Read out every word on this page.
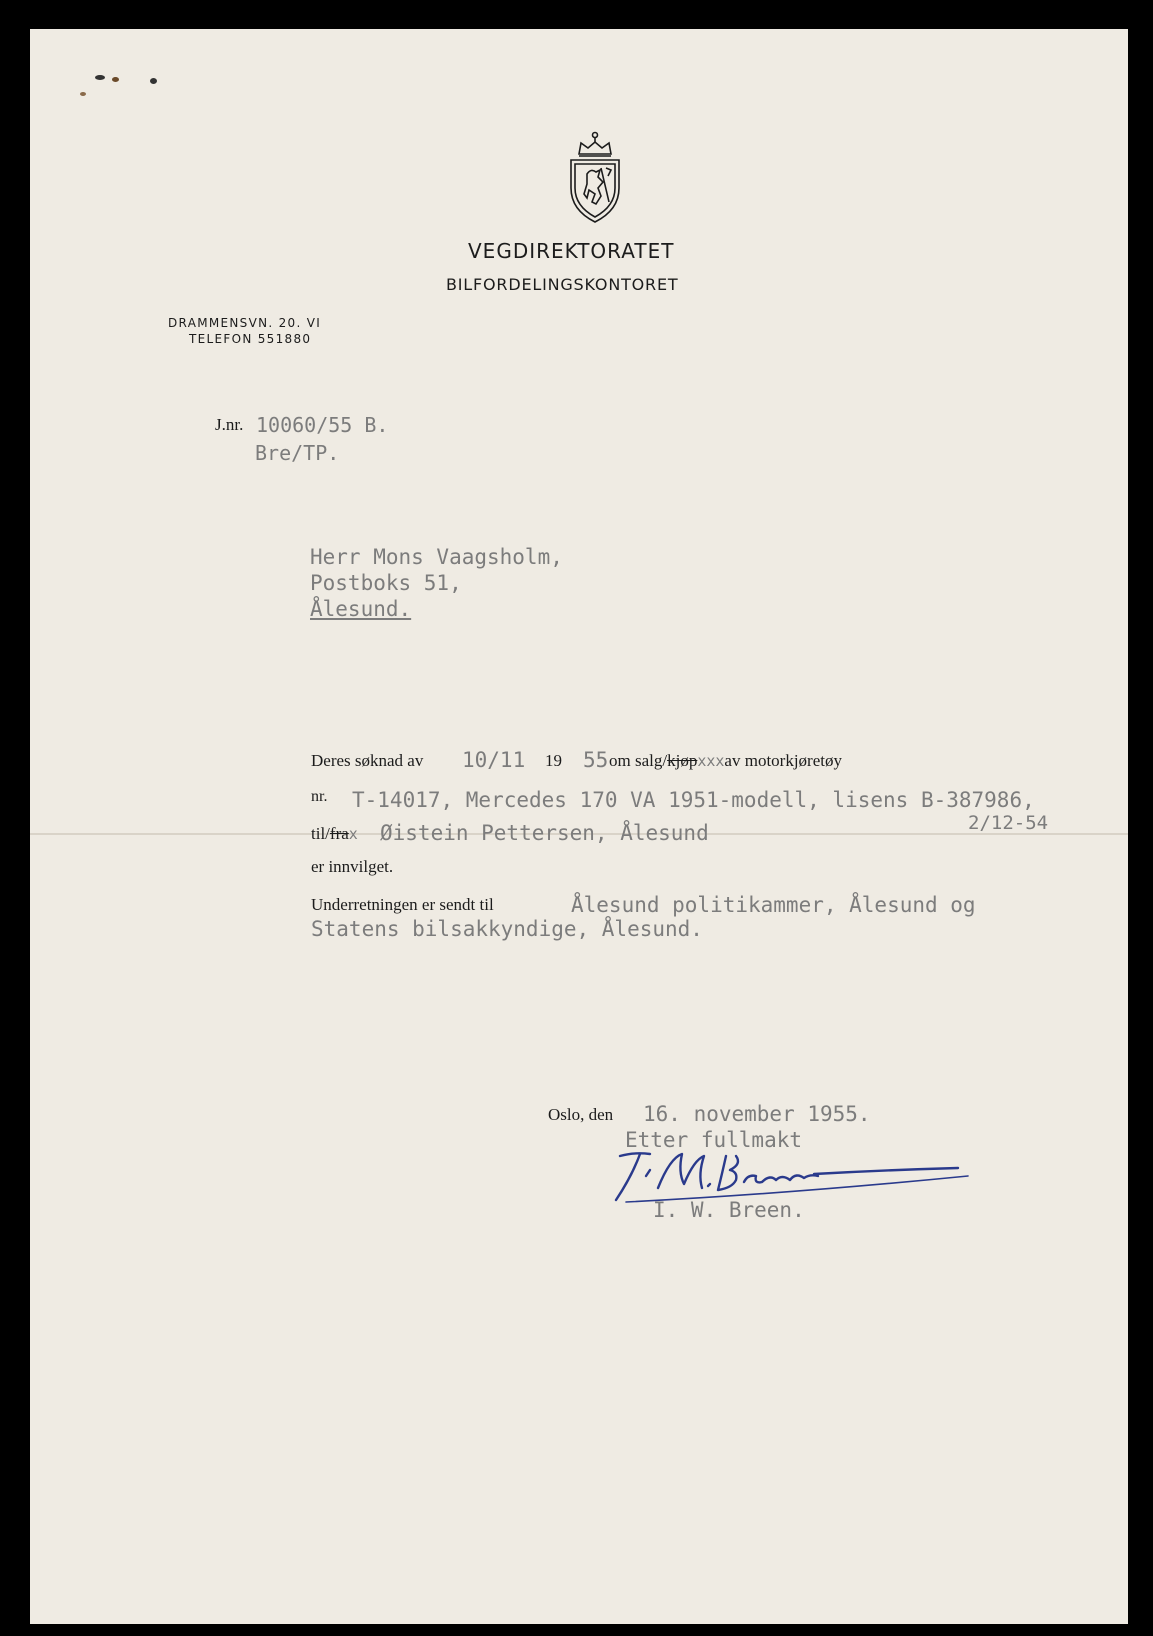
VEGDIREKTORATET
BILFORDELINGSKONTORET
DRAMMENSVN. 20. VI
TELEFON 551880
J.nr. 10060/55 B.
Bre/TP.
Herr Mons Vaagsholm,
Postboks 51,
Ålesund.
Deres søknad av 10/11 19 55 om salg/kjøpxxxav motorkjøretøy
nr. T-14017, Mercedes 170 VA 1951-modell, lisens B-387986,
2/12-54
til/frax Øistein Pettersen, Ålesund
er innvilget.
Underretningen er sendt til	Ålesund politikammer, Ålesund og
Statens bilsakkyndige, Ålesund.
Oslo, den 16. november 1955.
Etter fullmakt
I. W. Breen.
